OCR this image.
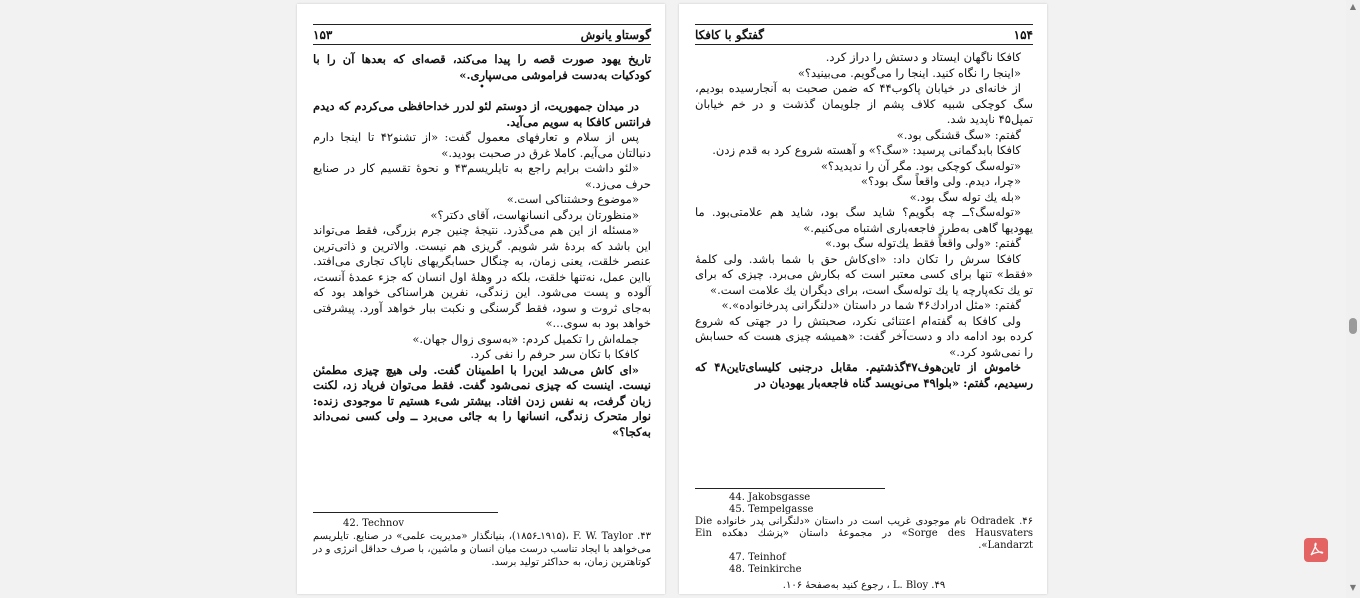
۱۵۳	گوستاو یانوش

تاریخ یهود صورت قصه را پیدا می‌کند، قصه‌ای که بعدها آن را با کودکیات به‌دست فراموشی می‌سپاری.»

•

در میدان جمهوریت، از دوستم لئو لدرر خداحافظی می‌کردم که دیدم فرانتس کافکا به سویم می‌آید.

پس از سلام و تعارفهای معمول گفت: «از تشنو۴۲ تا اینجا دارم دنبالتان می‌آیم. کاملا غرق در صحبت بودید.»

«لئو داشت برایم راجع به تایلریسم۴۳ و نحوهٔ تقسیم کار در صنایع حرف می‌زد.»

«موضوع وحشتناکی است.»

«منظورتان بردگی انسانهاست، آقای دکتر؟»

«مسئله از این هم می‌گذرد. نتیجهٔ چنین جرم بزرگی، فقط می‌تواند این باشد که بردهٔ شر شویم. گریزی هم نیست. والاترین و ذاتی‌ترین عنصر خلقت، یعنی زمان، به چنگال حسابگریهای ناپاک تجاری می‌افتد. بااین عمل، نه‌تنها خلقت، بلکه در وهلهٔ اول انسان که جزء عمدهٔ آنست، آلوده و پست می‌شود. این زندگی، نفرین هراسناکی خواهد بود که به‌جای ثروت و سود، فقط گرسنگی و نکبت ببار خواهد آورد. پیشرفتی خواهد بود به سوی...»

جمله‌اش را تکمیل کردم: «به‌سوی زوال جهان.»

کافکا با تکان سر حرفم را نفی کرد.

«ای کاش می‌شد این‌را با اطمینان گفت. ولی هیچ چیزی مطمئن نیست. اینست که چیزی نمی‌شود گفت. فقط می‌توان فریاد زد، لکنت زبان گرفت، به نفس زدن افتاد. بیشتر شیء هستیم تا موجودی زنده: نوار متحرک زندگی، انسانها را به جائی می‌برد ــ ولی کسی نمی‌داند به‌کجا؟»

42. Technov

۴۳. F. W. Taylor ،(۱۹۱۵ـ۱۸۵۶)، بنیانگذار «مدیریت علمی» در صنایع. تایلریسم می‌خواهد با ایجاد تناسب درست میان انسان و ماشین، با صرف حداقل انرژی و در کوتاهترین زمان، به حداکثر تولید برسد.

گفتگو با کافکا	۱۵۴

کافکا ناگهان ایستاد و دستش را دراز کرد.

«اینجا را نگاه کنید. اینجا را می‌گویم. می‌بینید؟»

از خانه‌ای در خیابان پاکوب۴۴ که ضمن صحبت به آنجارسیده بودیم، سگ کوچکی شبیه کلاف پشم از جلویمان گذشت و در خم خیابان تمپل۴۵ ناپدید شد.

گفتم: «سگ قشنگی بود.»

کافکا بابدگمانی پرسید: «سگ؟» و آهسته شروع کرد به قدم زدن.

«توله‌سگ کوچکی بود. مگر آن را ندیدید؟»

«چرا، دیدم. ولی واقعاً سگ بود؟»

«بله یك توله سگ بود.»

«توله‌سگ؟ــ چه بگویم؟ شاید سگ بود، شاید هم علامتی‌بود. ما یهودیها گاهی به‌طرز فاجعه‌باری اشتباه می‌کنیم.»

گفتم: «ولی واقعاً فقط یك‌توله سگ بود.»

کافکا سرش را تکان داد: «ای‌کاش حق با شما باشد. ولی کلمهٔ «فقط» تنها برای کسی معتبر است که بکارش می‌برد. چیزی که برای تو یك تکه‌پارچه یا یك توله‌سگ است، برای دیگران یك علامت است.»

گفتم: «مثل ادرادك۴۶ شما در داستان «دلنگرانی پدرخانواده».»

ولی کافکا به گفته‌ام اعتنائی نکرد، صحبتش را در جهتی که شروع کرده بود ادامه داد و دست‌آخر گفت: «همیشه چیزی هست که حسابش را نمی‌شود کرد.»

خاموش از تاین‌هوف۴۷گذشتیم. مقابل درجنبی کلیسای‌تاین۴۸ که رسیدیم، گفتم: «بلوا۴۹ می‌نویسد گناه فاجعه‌بار یهودیان در

44. Jakobsgasse

45. Tempelgasse

۴۶. Odradek نام موجودی غریب است در داستان «دلنگرانی پدر خانواده Die Sorge des Hausvaters» در مجموعهٔ داستان «پزشك دهکده Ein Landarzt».

47. Teinhof

48. Teinkirche

۴۹. L. Bloy ، رجوع کنید به‌صفحهٔ ۱۰۶.

▲
▼
